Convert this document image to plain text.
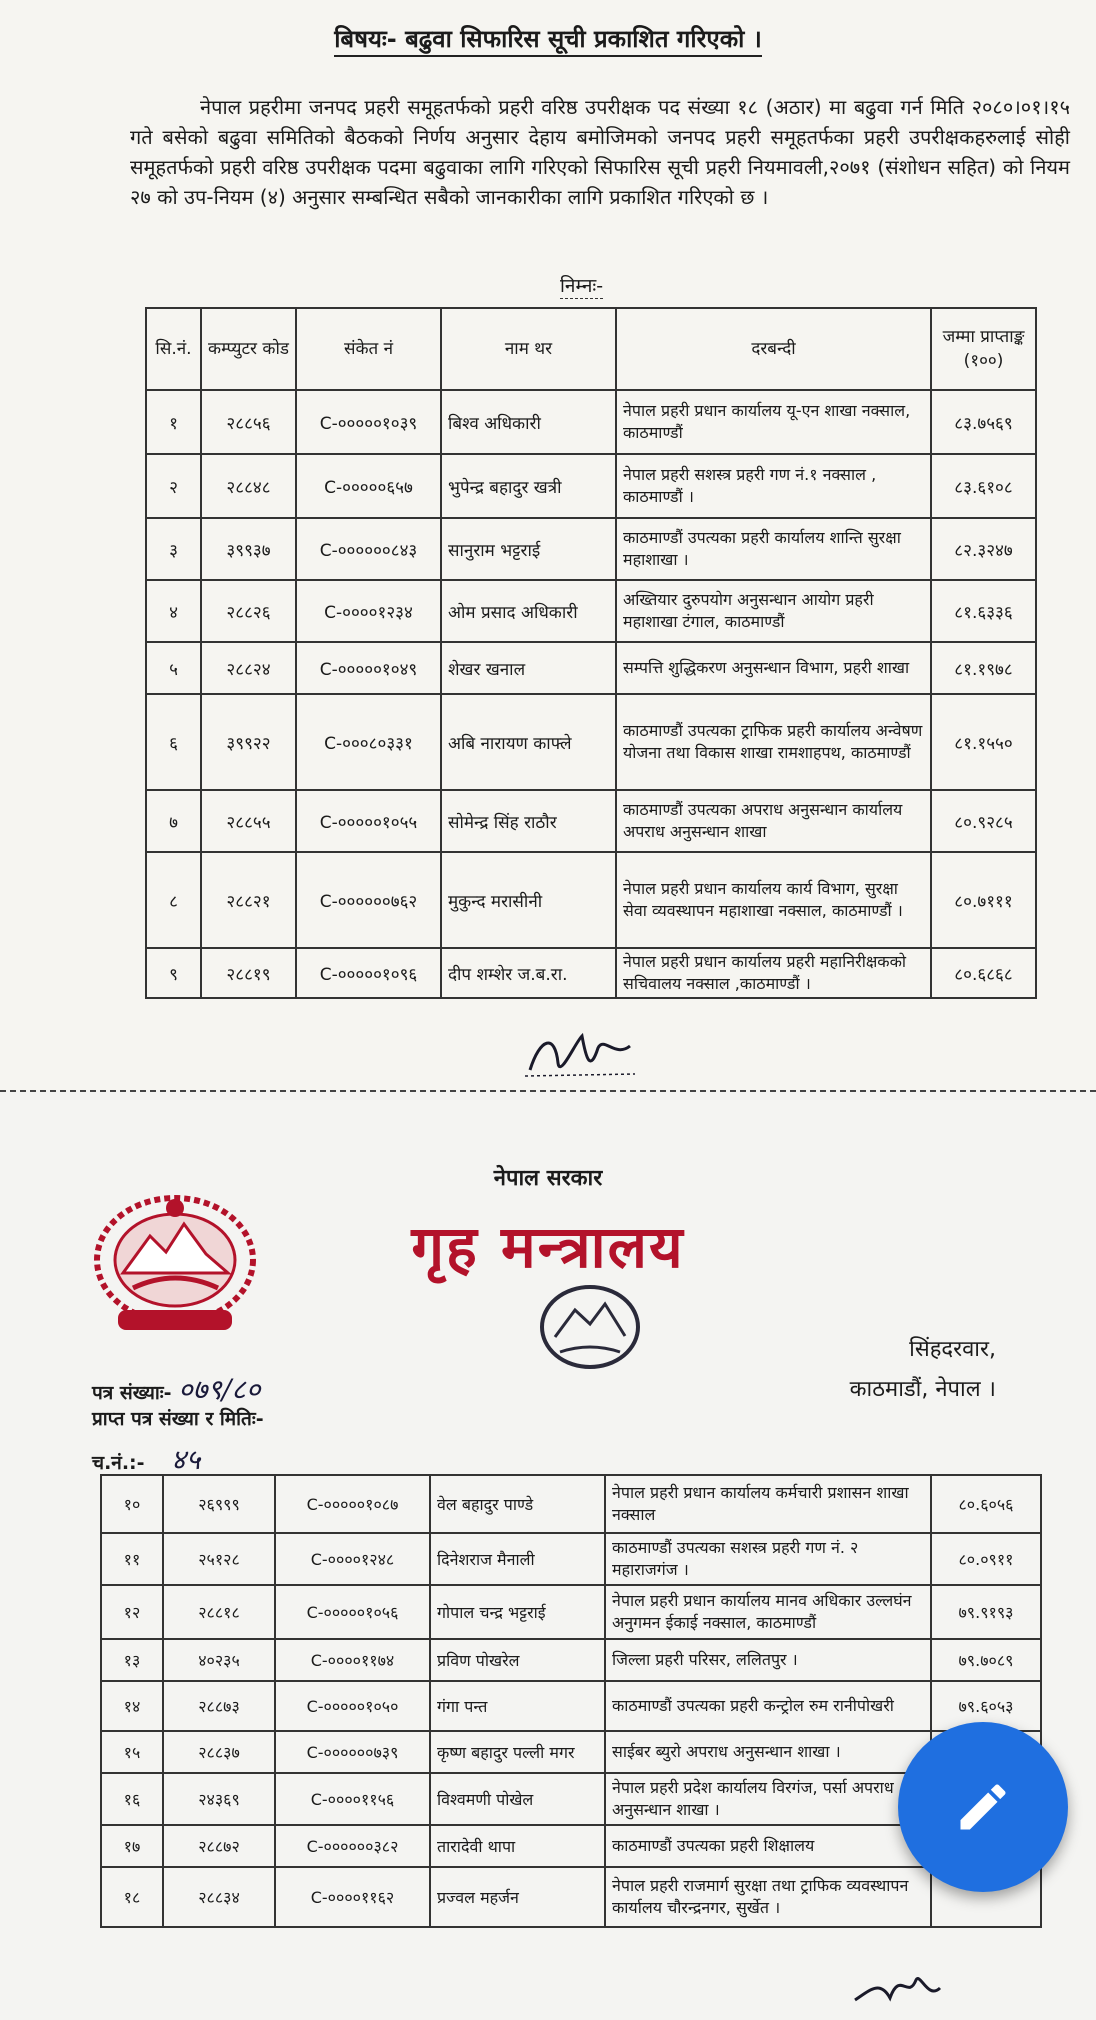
बिषयः- बढुवा सिफारिस सूची प्रकाशित गरिएको ।
नेपाल प्रहरीमा जनपद प्रहरी समूहतर्फको प्रहरी वरिष्ठ उपरीक्षक पद संख्या १८ (अठार) मा बढुवा गर्न मिति २०८०।०१।१५ गते बसेको बढुवा समितिको बैठकको निर्णय अनुसार देहाय बमोजिमको जनपद प्रहरी समूहतर्फका प्रहरी उपरीक्षकहरुलाई सोही समूहतर्फको प्रहरी वरिष्ठ उपरीक्षक पदमा बढुवाका लागि गरिएको सिफारिस सूची प्रहरी नियमावली,२०७१ (संशोधन सहित) को नियम २७ को उप-नियम (४) अनुसार सम्बन्धित सबैको जानकारीका लागि प्रकाशित गरिएको छ ।
निम्नः-
सि.नं.	कम्प्युटर कोड	संकेत नं	नाम थर	दरबन्दी	जम्मा प्राप्ताङ्क (१००)
१	२८८५६	C-०००००१०३९	बिश्व अधिकारी	नेपाल प्रहरी प्रधान कार्यालय यू-एन शाखा नक्साल, काठमाण्डौं	८३.७५६९
२	२८८४८	C-०००००६५७	भुपेन्द्र बहादुर खत्री	नेपाल प्रहरी सशस्त्र प्रहरी गण नं.१ नक्साल , काठमाण्डौं ।	८३.६१०८
३	३९९३७	C-००००००८४३	सानुराम भट्टराई	काठमाण्डौं उपत्यका प्रहरी कार्यालय शान्ति सुरक्षा महाशाखा ।	८२.३२४७
४	२८८२६	C-००००१२३४	ओम प्रसाद अधिकारी	अख्तियार दुरुपयोग अनुसन्धान आयोग प्रहरी महाशाखा टंगाल, काठमाण्डौं	८१.६३३६
५	२८८२४	C-०००००१०४९	शेखर खनाल	सम्पत्ति शुद्धिकरण अनुसन्धान विभाग, प्रहरी शाखा	८१.१९७८
६	३९९२२	C-०००८०३३१	अबि नारायण काफ्ले	काठमाण्डौं उपत्यका ट्राफिक प्रहरी कार्यालय अन्वेषण योजना तथा विकास शाखा रामशाहपथ, काठमाण्डौं	८१.१५५०
७	२८८५५	C-०००००१०५५	सोमेन्द्र सिंह राठौर	काठमाण्डौं उपत्यका अपराध अनुसन्धान कार्यालय अपराध अनुसन्धान शाखा	८०.९२८५
८	२८८२१	C-००००००७६२	मुकुन्द मरासीनी	नेपाल प्रहरी प्रधान कार्यालय कार्य विभाग, सुरक्षा सेवा व्यवस्थापन महाशाखा नक्साल, काठमाण्डौं ।	८०.७१११
९	२८८१९	C-०००००१०९६	दीप शम्शेर ज.ब.रा.	नेपाल प्रहरी प्रधान कार्यालय प्रहरी महानिरीक्षकको सचिवालय नक्साल ,काठमाण्डौं ।	८०.६८६८
नेपाल सरकार
गृह मन्त्रालय
सिंहदरवार,
काठमाडौं, नेपाल ।
पत्र संख्याः- ०७९/८०
प्राप्त पत्र संख्या र मितिः-
च.नं.:- ४५
१०	२६९९९	C-०००००१०८७	वेल बहादुर पाण्डे	नेपाल प्रहरी प्रधान कार्यालय कर्मचारी प्रशासन शाखा नक्साल	८०.६०५६
११	२५१२८	C-००००१२४८	दिनेशराज मैनाली	काठमाण्डौं उपत्यका सशस्त्र प्रहरी गण नं. २ महाराजगंज ।	८०.०९११
१२	२८८१८	C-०००००१०५६	गोपाल चन्द्र भट्टराई	नेपाल प्रहरी प्रधान कार्यालय मानव अधिकार उल्लघंन अनुगमन ईकाई नक्साल, काठमाण्डौं	७९.९१९३
१३	४०२३५	C-००००११७४	प्रविण पोखरेल	जिल्ला प्रहरी परिसर, ललितपुर ।	७९.७०८९
१४	२८८७३	C-०००००१०५०	गंगा पन्त	काठमाण्डौं उपत्यका प्रहरी कन्ट्रोल रुम रानीपोखरी	७९.६०५३
१५	२८८३७	C-००००००७३९	कृष्ण बहादुर पल्ली मगर	साईबर ब्युरो अपराध अनुसन्धान शाखा ।	
१६	२४३६९	C-००००११५६	विश्वमणी पोखेल	नेपाल प्रहरी प्रदेश कार्यालय विरगंज, पर्सा अपराध अनुसन्धान शाखा ।	
१७	२८८७२	C-००००००३८२	तारादेवी थापा	काठमाण्डौं उपत्यका प्रहरी शिक्षालय	
१८	२८८३४	C-००००११६२	प्रज्वल महर्जन	नेपाल प्रहरी राजमार्ग सुरक्षा तथा ट्राफिक व्यवस्थापन कार्यालय चौरन्द्रनगर, सुर्खेत ।	
